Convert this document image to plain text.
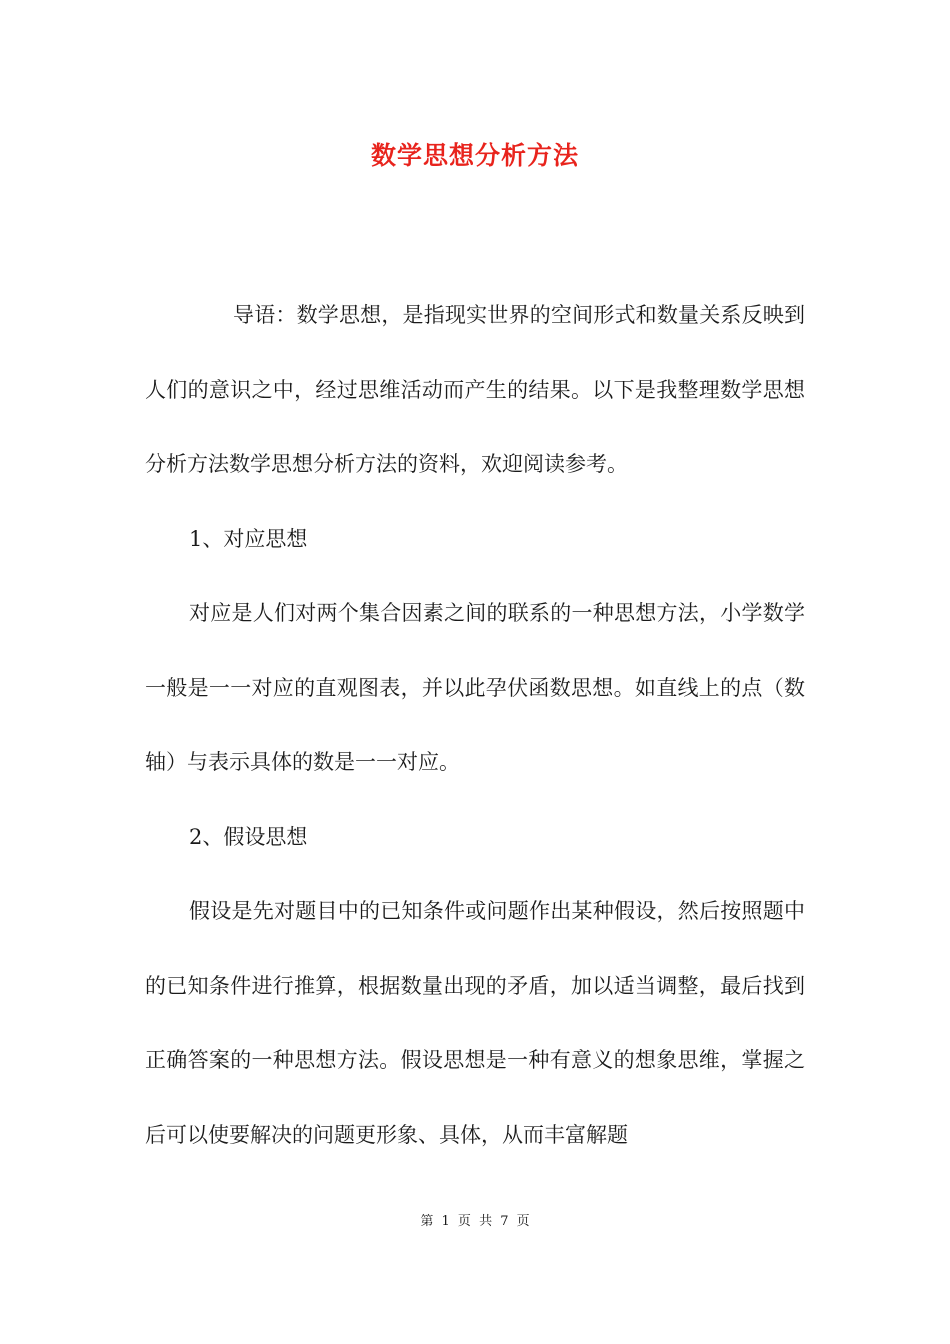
数学思想分析方法

导语：数学思想，是指现实世界的空间形式和数量关系反映到人们的意识之中，经过思维活动而产生的结果。以下是我整理数学思想分析方法数学思想分析方法的资料，欢迎阅读参考。

1、对应思想

对应是人们对两个集合因素之间的联系的一种思想方法，小学数学一般是一一对应的直观图表，并以此孕伏函数思想。如直线上的点（数轴）与表示具体的数是一一对应。

2、假设思想

假设是先对题目中的已知条件或问题作出某种假设，然后按照题中的已知条件进行推算，根据数量出现的矛盾，加以适当调整，最后找到正确答案的一种思想方法。假设思想是一种有意义的想象思维，掌握之后可以使要解决的问题更形象、具体，从而丰富解题

第 1 页 共 7 页
